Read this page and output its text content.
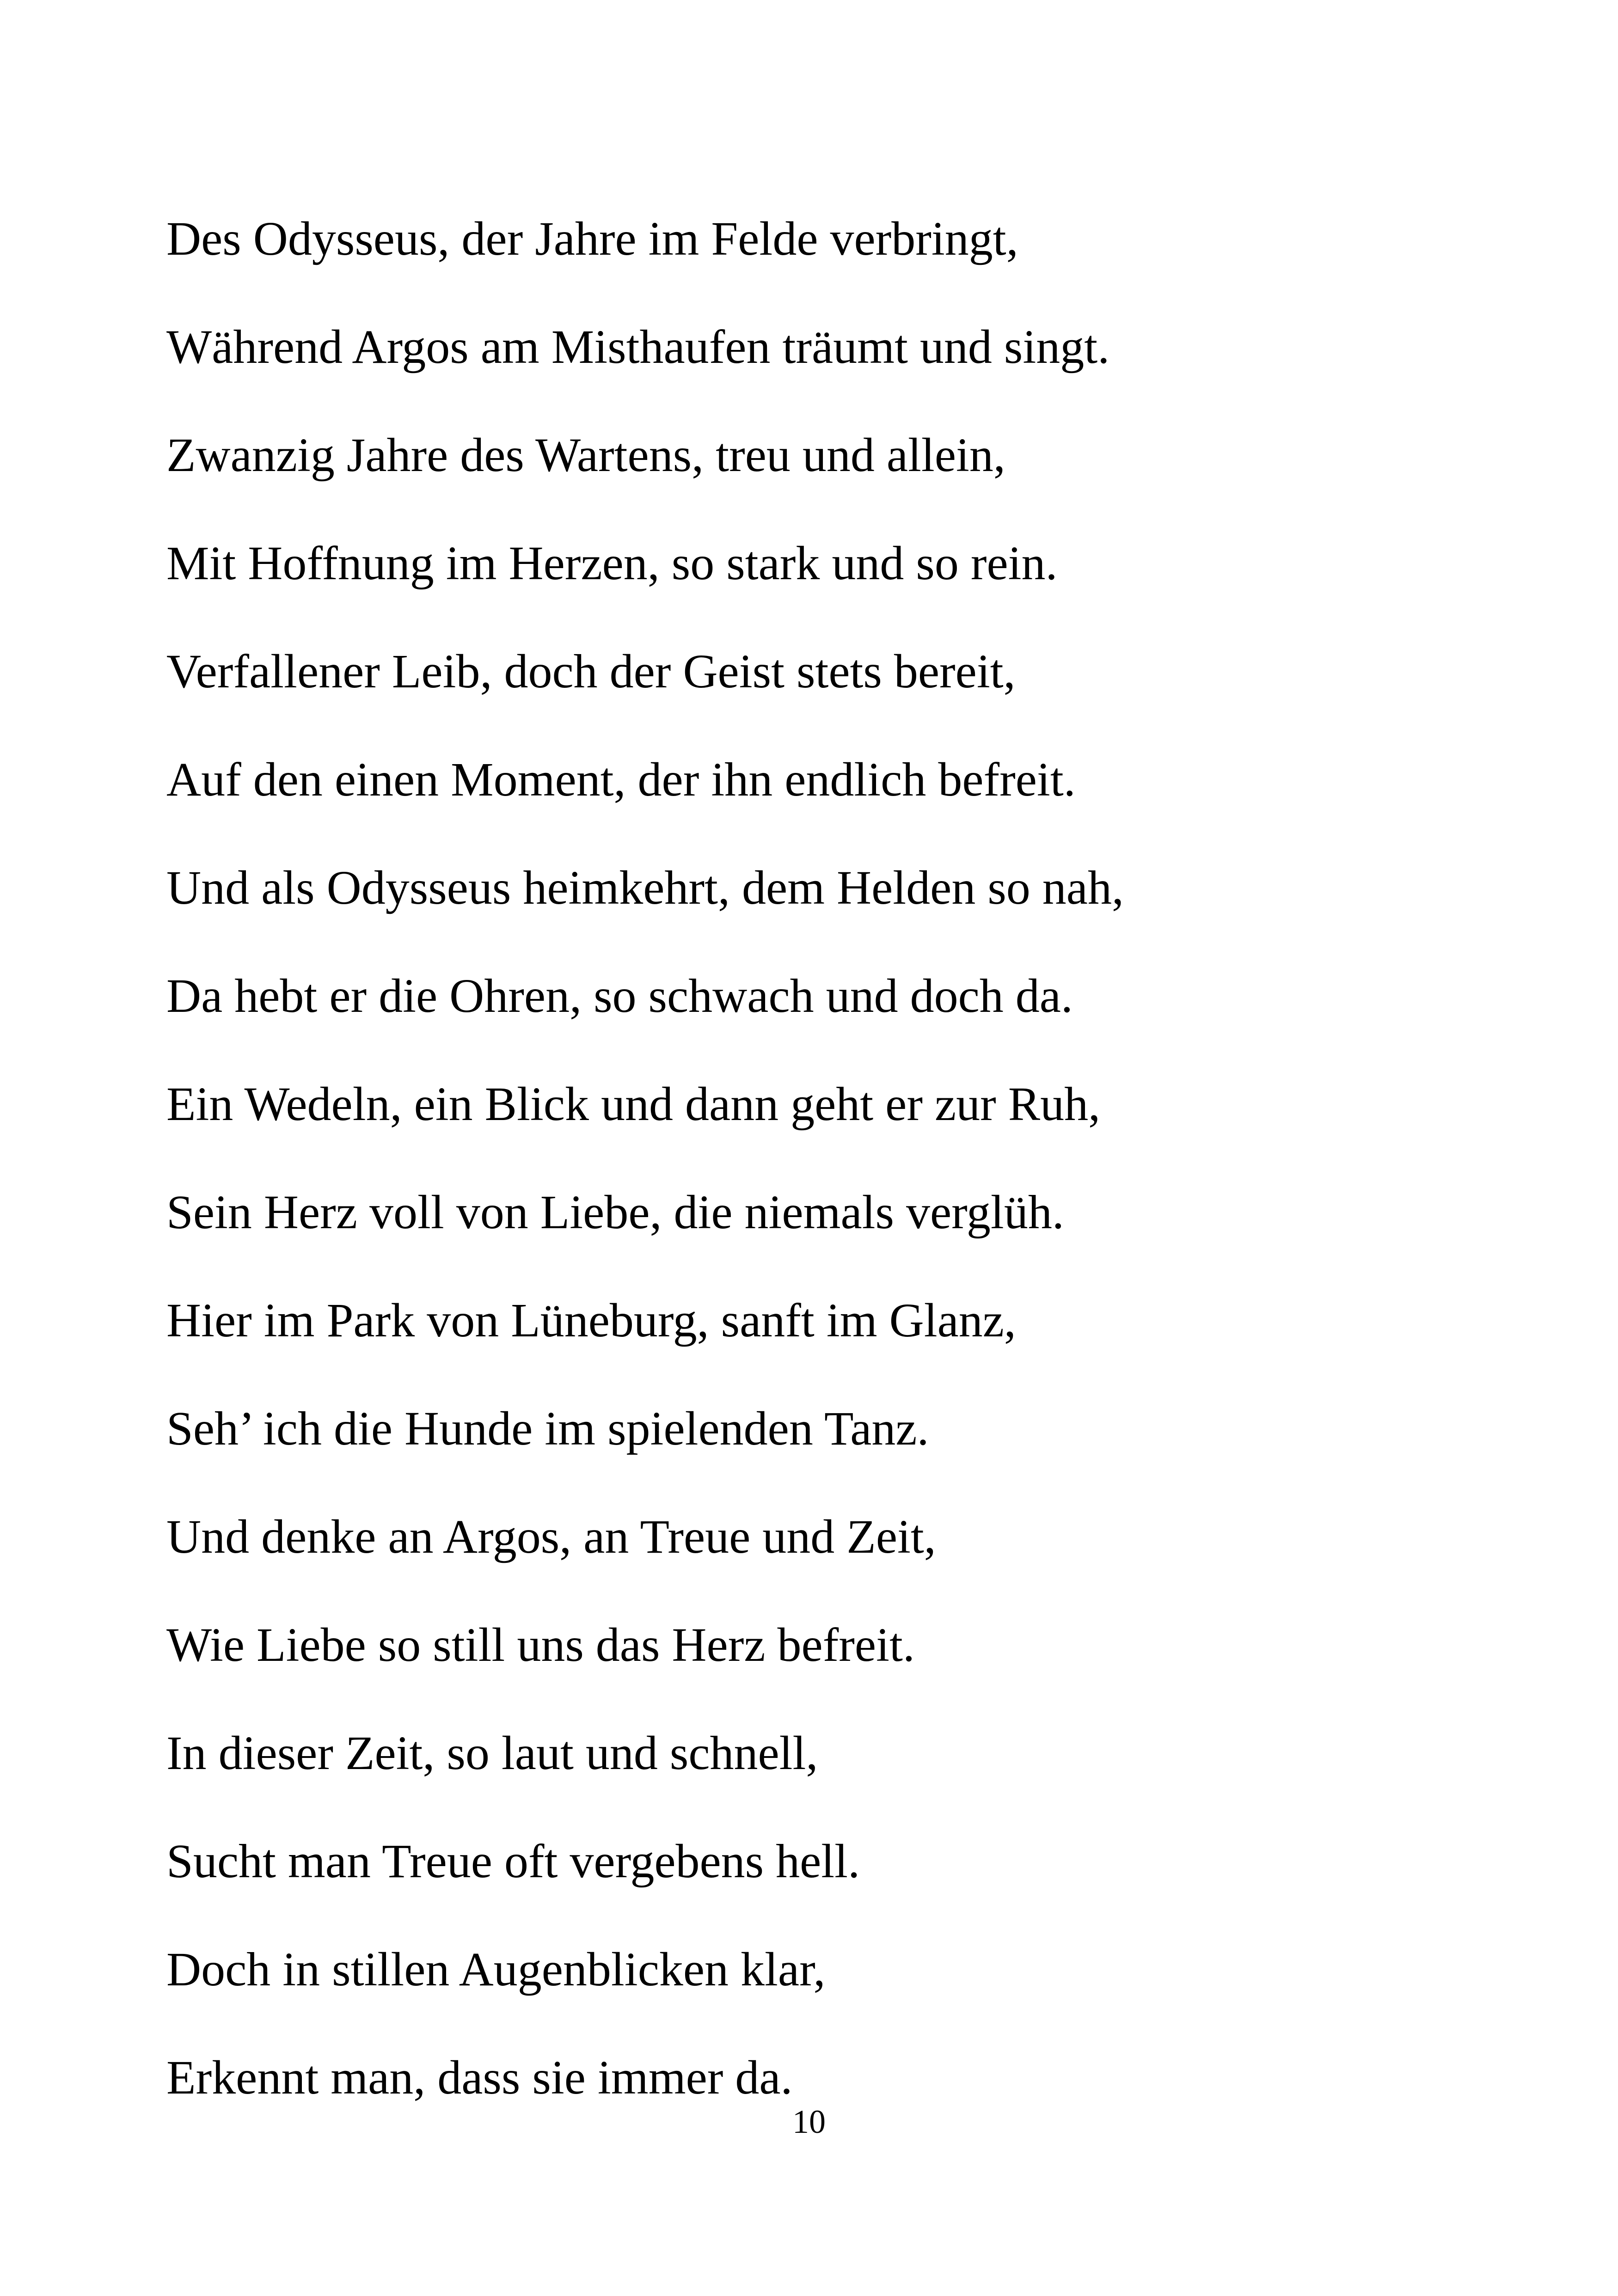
Des Odysseus, der Jahre im Felde verbringt,
Während Argos am Misthaufen träumt und singt.
Zwanzig Jahre des Wartens, treu und allein,
Mit Hoffnung im Herzen, so stark und so rein.
Verfallener Leib, doch der Geist stets bereit,
Auf den einen Moment, der ihn endlich befreit.
Und als Odysseus heimkehrt, dem Helden so nah,
Da hebt er die Ohren, so schwach und doch da.
Ein Wedeln, ein Blick und dann geht er zur Ruh,
Sein Herz voll von Liebe, die niemals verglüh.
Hier im Park von Lüneburg, sanft im Glanz,
Seh’ ich die Hunde im spielenden Tanz.
Und denke an Argos, an Treue und Zeit,
Wie Liebe so still uns das Herz befreit.
In dieser Zeit, so laut und schnell,
Sucht man Treue oft vergebens hell.
Doch in stillen Augenblicken klar,
Erkennt man, dass sie immer da.
10
